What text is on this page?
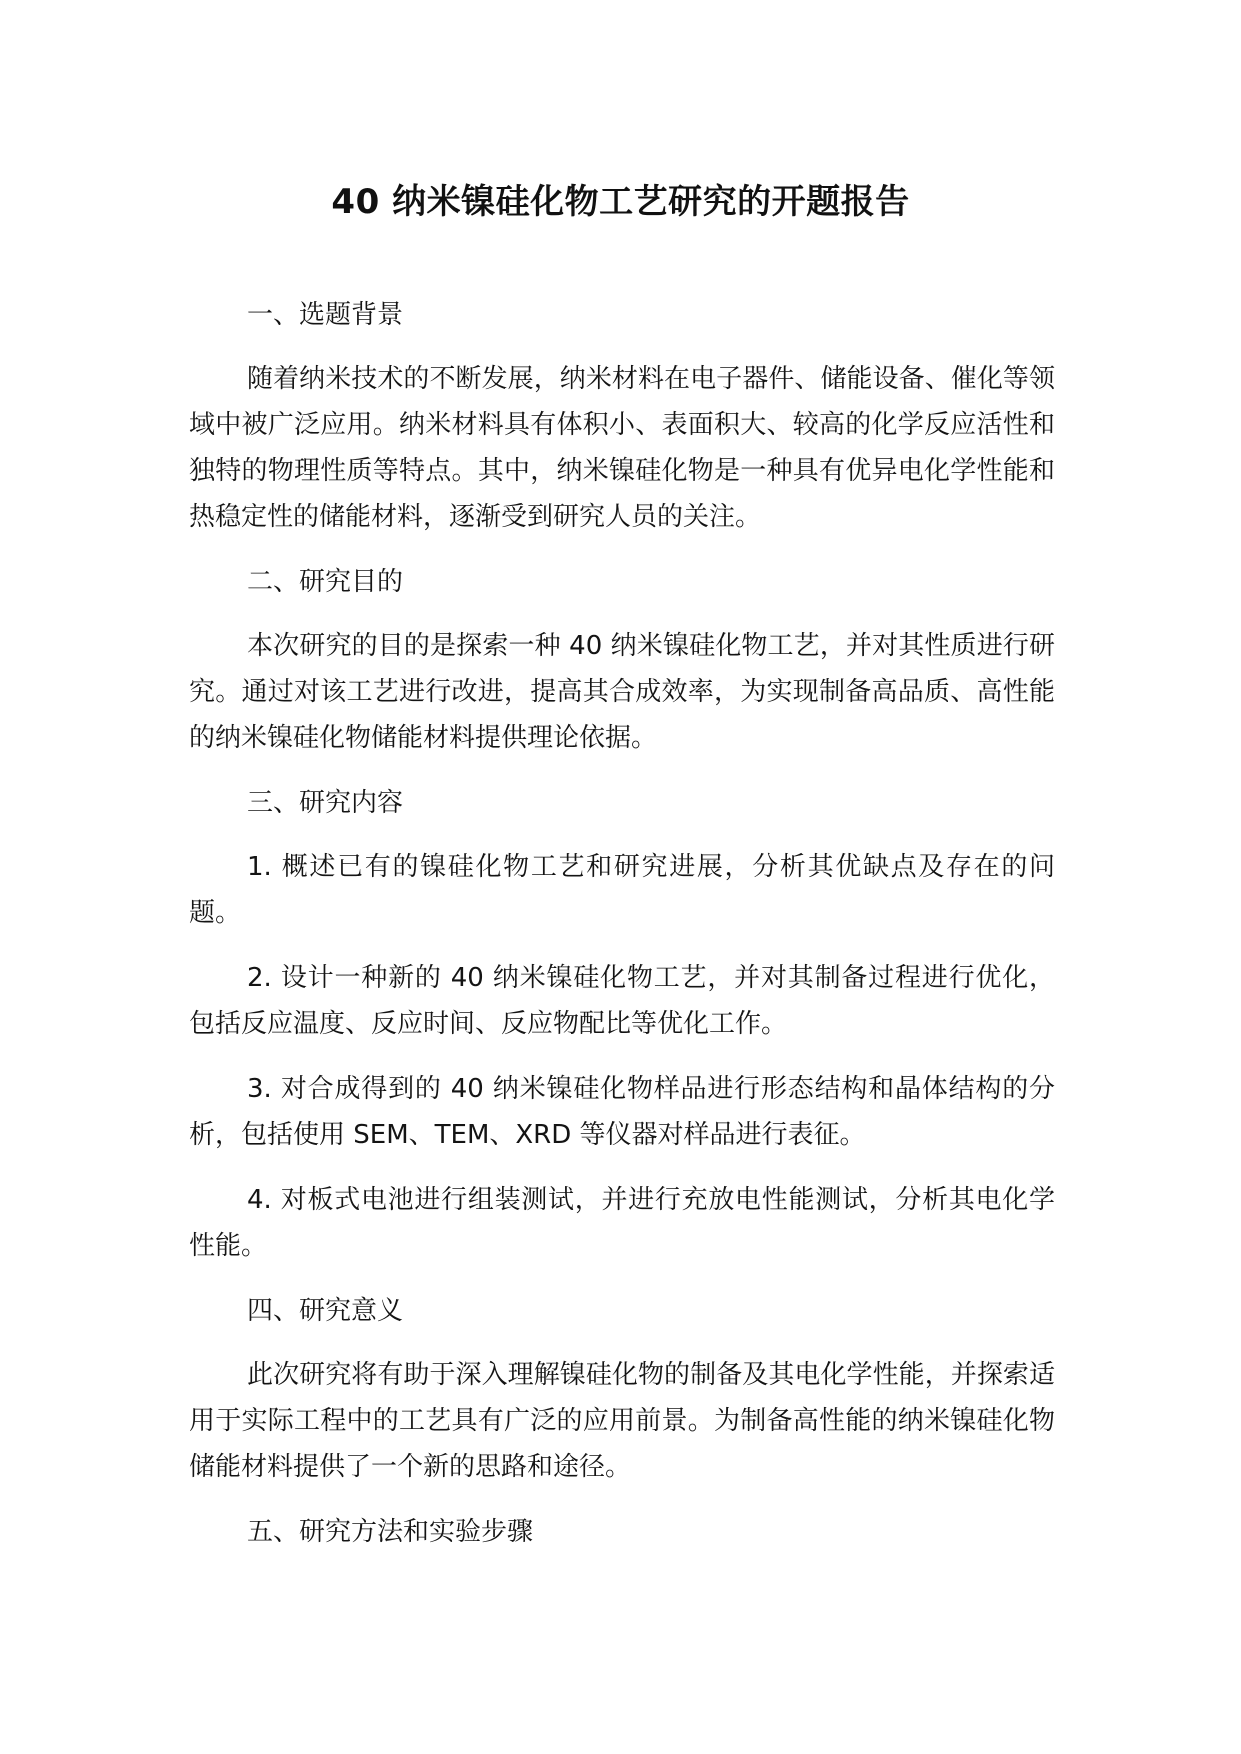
40 纳米镍硅化物工艺研究的开题报告

一、选题背景

随着纳米技术的不断发展，纳米材料在电子器件、储能设备、催化等领域中被广泛应用。纳米材料具有体积小、表面积大、较高的化学反应活性和独特的物理性质等特点。其中，纳米镍硅化物是一种具有优异电化学性能和热稳定性的储能材料，逐渐受到研究人员的关注。

二、研究目的

本次研究的目的是探索一种 40 纳米镍硅化物工艺，并对其性质进行研究。通过对该工艺进行改进，提高其合成效率，为实现制备高品质、高性能的纳米镍硅化物储能材料提供理论依据。

三、研究内容

1. 概述已有的镍硅化物工艺和研究进展，分析其优缺点及存在的问题。

2. 设计一种新的 40 纳米镍硅化物工艺，并对其制备过程进行优化，包括反应温度、反应时间、反应物配比等优化工作。

3. 对合成得到的 40 纳米镍硅化物样品进行形态结构和晶体结构的分析，包括使用 SEM、TEM、XRD 等仪器对样品进行表征。

4. 对板式电池进行组装测试，并进行充放电性能测试，分析其电化学性能。

四、研究意义

此次研究将有助于深入理解镍硅化物的制备及其电化学性能，并探索适用于实际工程中的工艺具有广泛的应用前景。为制备高性能的纳米镍硅化物储能材料提供了一个新的思路和途径。

五、研究方法和实验步骤
